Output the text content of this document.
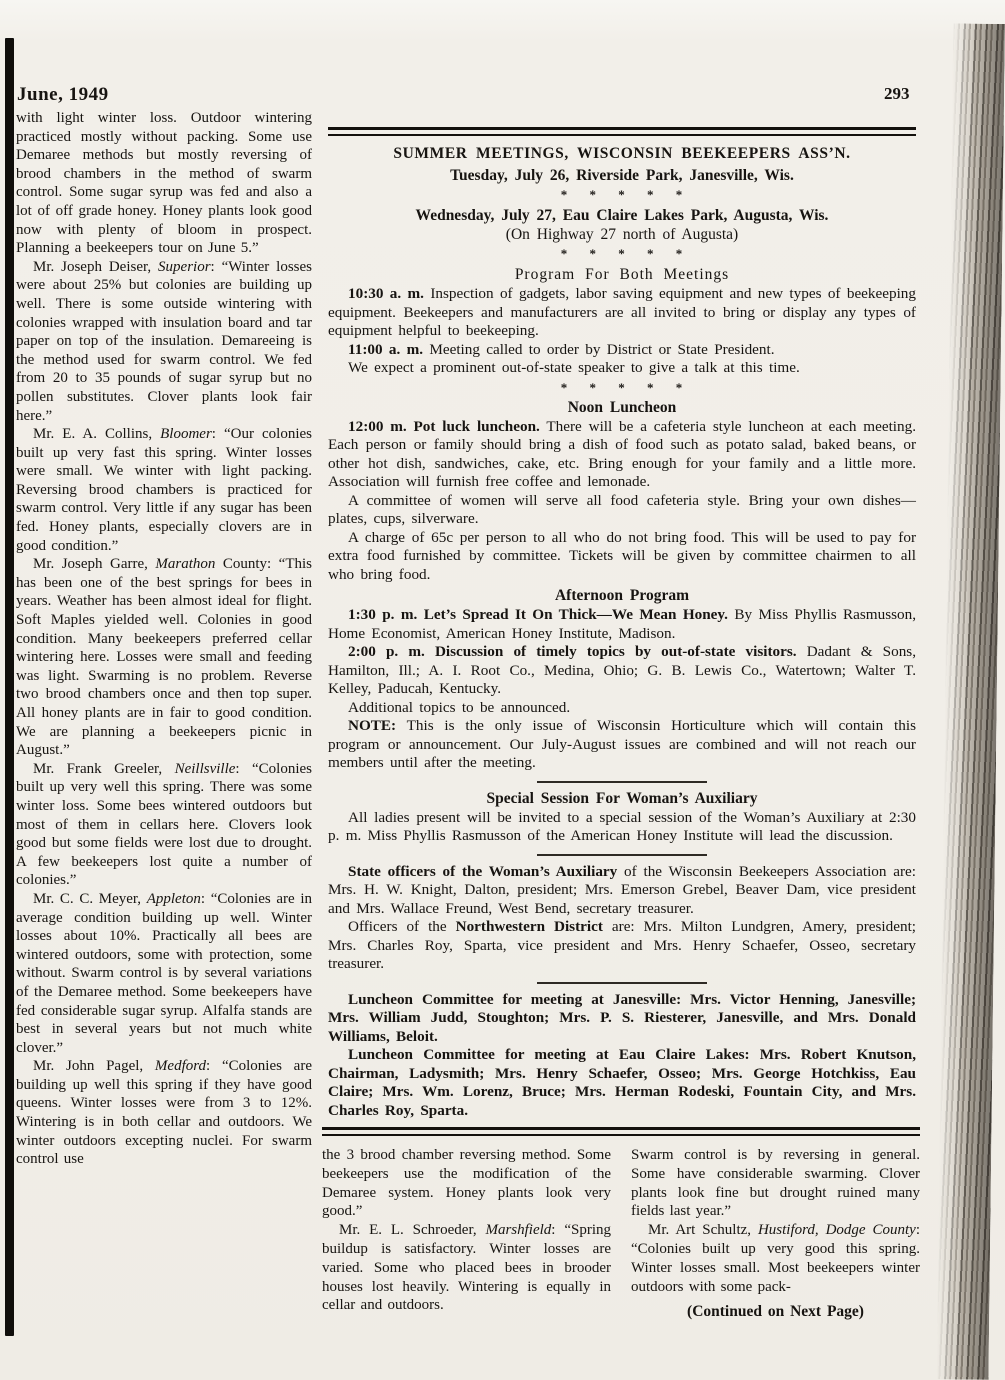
June, 1949	293

with light winter loss. Outdoor wintering practiced mostly without packing. Some use Demaree methods but mostly reversing of brood chambers in the method of swarm control. Some sugar syrup was fed and also a lot of off grade honey. Honey plants look good now with plenty of bloom in prospect. Planning a beekeepers tour on June 5.”

Mr. Joseph Deiser, Superior: “Winter losses were about 25% but colonies are building up well. There is some outside wintering with colonies wrapped with insulation board and tar paper on top of the insulation. Demareeing is the method used for swarm control. We fed from 20 to 35 pounds of sugar syrup but no pollen substitutes. Clover plants look fair here.”

Mr. E. A. Collins, Bloomer: “Our colonies built up very fast this spring. Winter losses were small. We winter with light packing. Reversing brood chambers is practiced for swarm control. Very little if any sugar has been fed. Honey plants, especially clovers are in good condition.”

Mr. Joseph Garre, Marathon County: “This has been one of the best springs for bees in years. Weather has been almost ideal for flight. Soft Maples yielded well. Colonies in good condition. Many beekeepers preferred cellar wintering here. Losses were small and feeding was light. Swarming is no problem. Reverse two brood chambers once and then top super. All honey plants are in fair to good condition. We are planning a beekeepers picnic in August.”

Mr. Frank Greeler, Neillsville: “Colonies built up very well this spring. There was some winter loss. Some bees wintered outdoors but most of them in cellars here. Clovers look good but some fields were lost due to drought. A few beekeepers lost quite a number of colonies.”

Mr. C. C. Meyer, Appleton: “Colonies are in average condition building up well. Winter losses about 10%. Practically all bees are wintered outdoors, some with protection, some without. Swarm control is by several variations of the Demaree method. Some beekeepers have fed considerable sugar syrup. Alfalfa stands are best in several years but not much white clover.”

Mr. John Pagel, Medford: “Colonies are building up well this spring if they have good queens. Winter losses were from 3 to 12%. Wintering is in both cellar and outdoors. We winter outdoors excepting nuclei. For swarm control use

SUMMER MEETINGS, WISCONSIN BEEKEEPERS ASS’N.

Tuesday, July 26, Riverside Park, Janesville, Wis.

* * * * *

Wednesday, July 27, Eau Claire Lakes Park, Augusta, Wis.

(On Highway 27 north of Augusta)

* * * * *

Program For Both Meetings

10:30 a. m. Inspection of gadgets, labor saving equipment and new types of beekeeping equipment. Beekeepers and manufacturers are all invited to bring or display any types of equipment helpful to beekeeping.

11:00 a. m. Meeting called to order by District or State President.

We expect a prominent out-of-state speaker to give a talk at this time.

* * * * *

Noon Luncheon

12:00 m. Pot luck luncheon. There will be a cafeteria style luncheon at each meeting. Each person or family should bring a dish of food such as potato salad, baked beans, or other hot dish, sandwiches, cake, etc. Bring enough for your family and a little more. Association will furnish free coffee and lemonade.

A committee of women will serve all food cafeteria style. Bring your own dishes—plates, cups, silverware.

A charge of 65c per person to all who do not bring food. This will be used to pay for extra food furnished by committee. Tickets will be given by committee chairmen to all who bring food.

Afternoon Program

1:30 p. m. Let’s Spread It On Thick—We Mean Honey. By Miss Phyllis Rasmusson, Home Economist, American Honey Institute, Madison.

2:00 p. m. Discussion of timely topics by out-of-state visitors. Dadant & Sons, Hamilton, Ill.; A. I. Root Co., Medina, Ohio; G. B. Lewis Co., Watertown; Walter T. Kelley, Paducah, Kentucky.

Additional topics to be announced.

NOTE: This is the only issue of Wisconsin Horticulture which will contain this program or announcement. Our July-August issues are combined and will not reach our members until after the meeting.

Special Session For Woman’s Auxiliary

All ladies present will be invited to a special session of the Woman’s Auxiliary at 2:30 p. m. Miss Phyllis Rasmusson of the American Honey Institute will lead the discussion.

State officers of the Woman’s Auxiliary of the Wisconsin Beekeepers Association are: Mrs. H. W. Knight, Dalton, president; Mrs. Emerson Grebel, Beaver Dam, vice president and Mrs. Wallace Freund, West Bend, secretary treasurer.

Officers of the Northwestern District are: Mrs. Milton Lundgren, Amery, president; Mrs. Charles Roy, Sparta, vice president and Mrs. Henry Schaefer, Osseo, secretary treasurer.

Luncheon Committee for meeting at Janesville: Mrs. Victor Henning, Janesville; Mrs. William Judd, Stoughton; Mrs. P. S. Riesterer, Janesville, and Mrs. Donald Williams, Beloit.

Luncheon Committee for meeting at Eau Claire Lakes: Mrs. Robert Knutson, Chairman, Ladysmith; Mrs. Henry Schaefer, Osseo; Mrs. George Hotchkiss, Eau Claire; Mrs. Wm. Lorenz, Bruce; Mrs. Herman Rodeski, Fountain City, and Mrs. Charles Roy, Sparta.

the 3 brood chamber reversing method. Some beekeepers use the modification of the Demaree system. Honey plants look very good.”

Mr. E. L. Schroeder, Marshfield: “Spring buildup is satisfactory. Winter losses are varied. Some who placed bees in brooder houses lost heavily. Wintering is equally in cellar and outdoors.

Swarm control is by reversing in general. Some have considerable swarming. Clover plants look fine but drought ruined many fields last year.”

Mr. Art Schultz, Hustiford, Dodge County: “Colonies built up very good this spring. Winter losses small. Most beekeepers winter outdoors with some pack-

(Continued on Next Page)
